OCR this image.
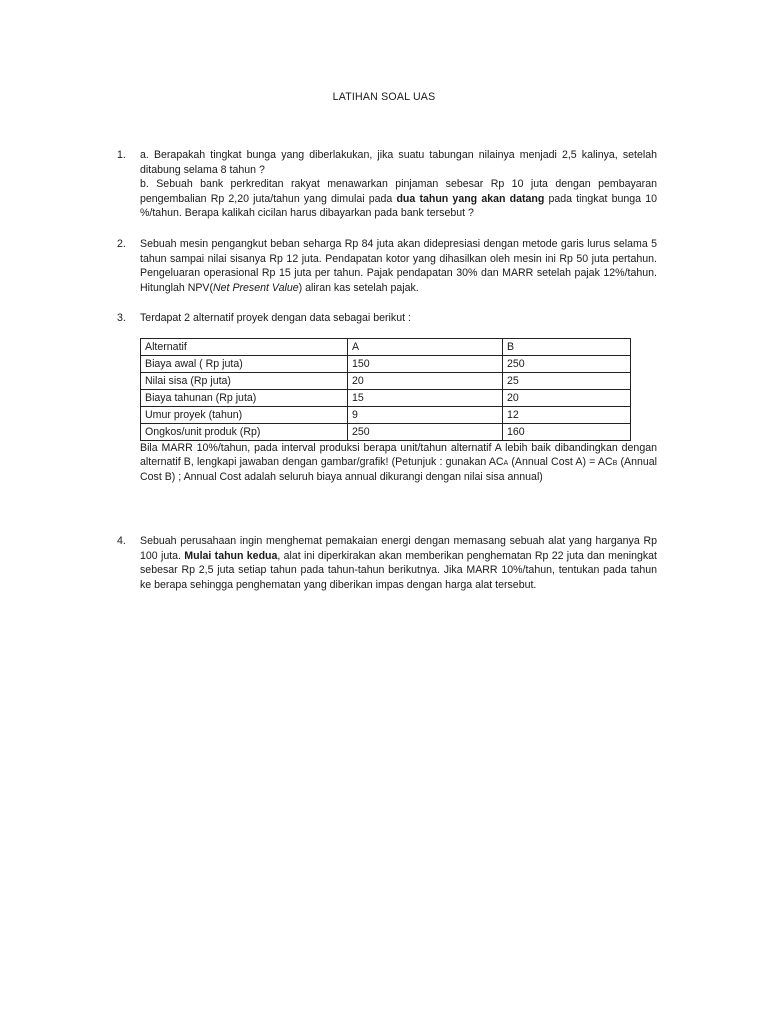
LATIHAN SOAL UAS
1. a. Berapakah tingkat bunga yang diberlakukan, jika suatu tabungan nilainya menjadi 2,5 kalinya, setelah ditabung selama 8 tahun ?

b. Sebuah bank perkreditan rakyat menawarkan pinjaman sebesar Rp 10 juta dengan pembayaran pengembalian Rp 2,20 juta/tahun yang dimulai pada dua tahun yang akan datang pada tingkat bunga 10 %/tahun. Berapa kalikah cicilan harus dibayarkan pada bank tersebut ?

2. Sebuah mesin pengangkut beban seharga Rp 84 juta akan didepresiasi dengan metode garis lurus selama 5 tahun sampai nilai sisanya Rp 12 juta. Pendapatan kotor yang dihasilkan oleh mesin ini Rp 50 juta pertahun. Pengeluaran operasional Rp 15 juta per tahun. Pajak pendapatan 30% dan MARR setelah pajak 12%/tahun. Hitunglah NPV(Net Present Value) aliran kas setelah pajak.

3. Terdapat 2 alternatif proyek dengan data sebagai berikut :

Alternatif	A	B
Biaya awal ( Rp juta)	150	250
Nilai sisa (Rp juta)	20	25
Biaya tahunan (Rp juta)	15	20
Umur proyek (tahun)	9	12
Ongkos/unit produk (Rp)	250	160

Bila MARR 10%/tahun, pada interval produksi berapa unit/tahun alternatif A lebih baik dibandingkan dengan alternatif B, lengkapi jawaban dengan gambar/grafik! (Petunjuk : gunakan ACA (Annual Cost A) = ACB (Annual Cost B) ; Annual Cost adalah seluruh biaya annual dikurangi dengan nilai sisa annual)

4. Sebuah perusahaan ingin menghemat pemakaian energi dengan memasang sebuah alat yang harganya Rp 100 juta. Mulai tahun kedua, alat ini diperkirakan akan memberikan penghematan Rp 22 juta dan meningkat sebesar Rp 2,5 juta setiap tahun pada tahun-tahun berikutnya. Jika MARR 10%/tahun, tentukan pada tahun ke berapa sehingga penghematan yang diberikan impas dengan harga alat tersebut.
